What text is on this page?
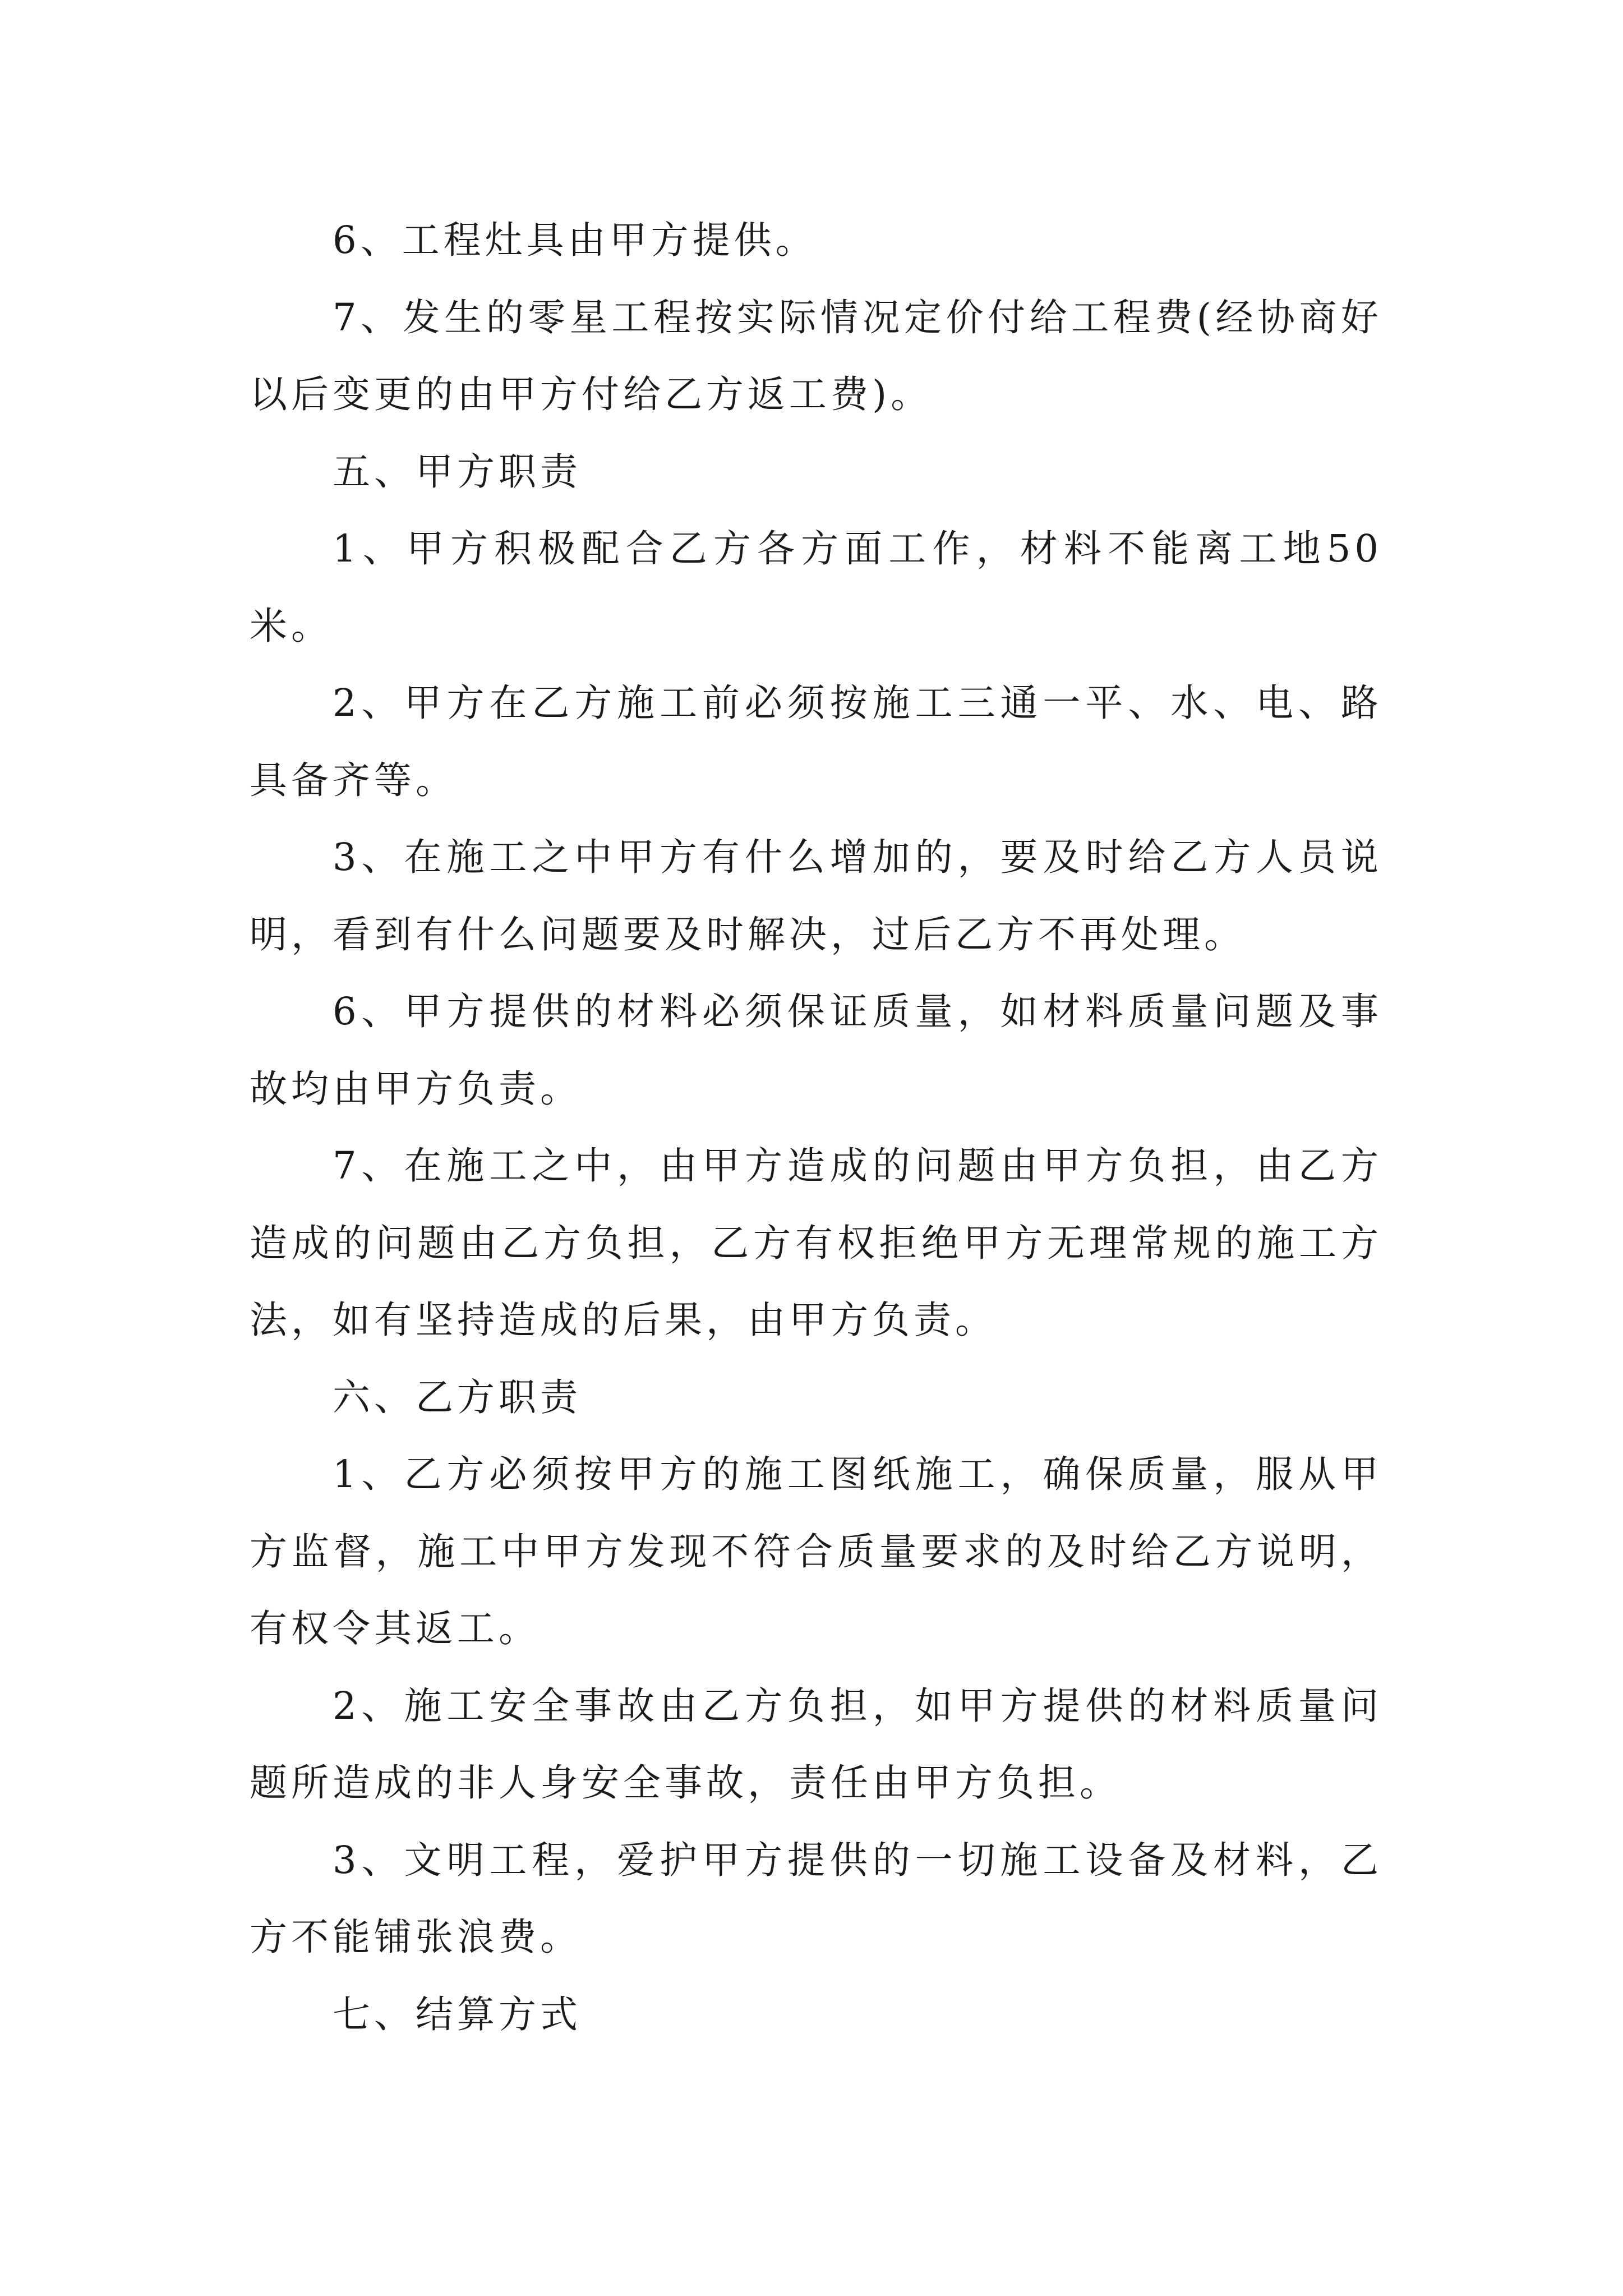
6、工程灶具由甲方提供。

7、发生的零星工程按实际情况定价付给工程费(经协商好以后变更的由甲方付给乙方返工费)。

五、甲方职责

1、甲方积极配合乙方各方面工作，材料不能离工地50米。

2、甲方在乙方施工前必须按施工三通一平、水、电、路具备齐等。

3、在施工之中甲方有什么增加的，要及时给乙方人员说明，看到有什么问题要及时解决，过后乙方不再处理。

6、甲方提供的材料必须保证质量，如材料质量问题及事故均由甲方负责。

7、在施工之中，由甲方造成的问题由甲方负担，由乙方造成的问题由乙方负担，乙方有权拒绝甲方无理常规的施工方法，如有坚持造成的后果，由甲方负责。

六、乙方职责

1、乙方必须按甲方的施工图纸施工，确保质量，服从甲方监督，施工中甲方发现不符合质量要求的及时给乙方说明，有权令其返工。

2、施工安全事故由乙方负担，如甲方提供的材料质量问题所造成的非人身安全事故，责任由甲方负担。

3、文明工程，爱护甲方提供的一切施工设备及材料，乙方不能铺张浪费。

七、结算方式
